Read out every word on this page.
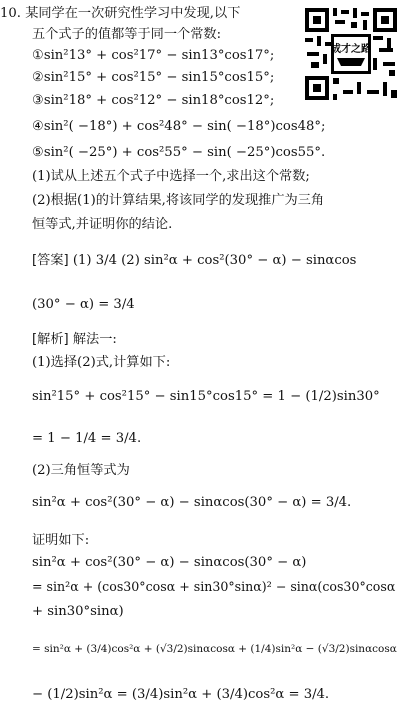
成才之路
10. 某同学在一次研究性学习中发现,以下
五个式子的值都等于同一个常数:
①sin²13° + cos²17° − sin13°cos17°;
②sin²15° + cos²15° − sin15°cos15°;
③sin²18° + cos²12° − sin18°cos12°;
④sin²( −18°) + cos²48° − sin( −18°)cos48°;
⑤sin²( −25°) + cos²55° − sin( −25°)cos55°.
(1)试从上述五个式子中选择一个,求出这个常数;
(2)根据(1)的计算结果,将该同学的发现推广为三角
恒等式,并证明你的结论.
[答案] (1) 3/4 (2) sin²α + cos²(30° − α) − sinαcos
(30° − α) = 3/4
[解析] 解法一:
(1)选择(2)式,计算如下:
sin²15° + cos²15° − sin15°cos15° = 1 − (1/2)sin30°
= 1 − 1/4 = 3/4.
(2)三角恒等式为
sin²α + cos²(30° − α) − sinαcos(30° − α) = 3/4.
证明如下:
sin²α + cos²(30° − α) − sinαcos(30° − α)
= sin²α + (cos30°cosα + sin30°sinα)² − sinα(cos30°cosα
+ sin30°sinα)
= sin²α + (3/4)cos²α + (√3/2)sinαcosα + (1/4)sin²α − (√3/2)sinαcosα
− (1/2)sin²α = (3/4)sin²α + (3/4)cos²α = 3/4.
